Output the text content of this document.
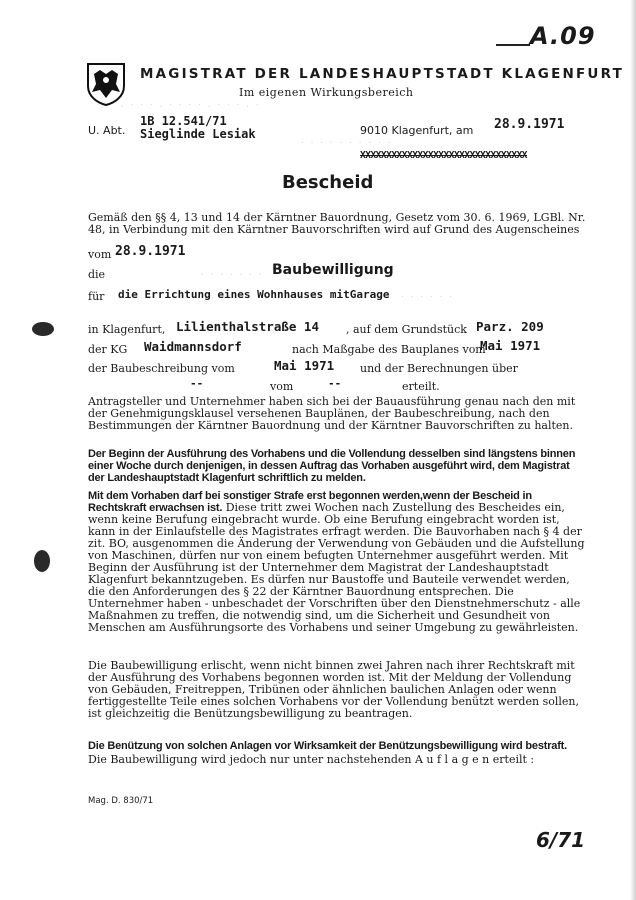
. · · · . · · · · . · · · . ·
· · · · · · · · · ·
· · · · · · ·
· · · · · ·
A.09
MAGISTRAT DER LANDESHAUPTSTADT KLAGENFURT
Im eigenen Wirkungsbereich
U. Abt.
1B 12.541/71
Sieglinde Lesiak	9010 Klagenfurt, am 28.9.1971
XXXXXXXXXXXXXXXXXXXXXXXXXXXXXXXX
Bescheid
Gemäß den §§ 4, 13 und 14 der Kärntner Bauordnung, Gesetz vom 30. 6. 1969, LGBl. Nr. 48, in Verbindung mit den Kärntner Bauvorschriften wird auf Grund des Augenscheines
vom 28.9.1971
die	Baubewilligung
für die Errichtung eines Wohnhauses mitGarage
in Klagenfurt, Lilienthalstraße 14 , auf dem Grundstück Parz. 209
der KG Waidmannsdorf	nach Maßgabe des Bauplanes vom
Mai 1971
der Baubeschreibung vom	Mai 1971 und der Berechnungen über
--	vom	--	erteilt.
Antragsteller und Unternehmer haben sich bei der Bauausführung genau nach den mit der Genehmigungsklausel versehenen Bauplänen, der Baubeschreibung, nach den Bestimmungen der Kärntner Bauordnung und der Kärntner Bauvorschriften zu halten.
Der Beginn der Ausführung des Vorhabens und die Vollendung desselben sind längstens binnen einer Woche durch denjenigen, in dessen Auftrag das Vorhaben ausgeführt wird, dem Magistrat der Landeshauptstadt Klagenfurt schriftlich zu melden.
Mit dem Vorhaben darf bei sonstiger Strafe erst begonnen werden,wenn der Bescheid in Rechtskraft erwachsen ist. Diese tritt zwei Wochen nach Zustellung des Bescheides ein, wenn keine Berufung eingebracht wurde. Ob eine Berufung eingebracht worden ist, kann in der Einlaufstelle des Magistrates erfragt werden. Die Bauvorhaben nach § 4 der zit. BO, ausgenommen die Änderung der Verwendung von Gebäuden und die Aufstellung von Maschinen, dürfen nur von einem befugten Unternehmer ausgeführt werden. Mit Beginn der Ausführung ist der Unternehmer dem Magistrat der Landeshauptstadt Klagenfurt bekanntzugeben. Es dürfen nur Baustoffe und Bauteile verwendet werden, die den Anforderungen des § 22 der Kärntner Bauordnung entsprechen. Die Unternehmer haben - unbeschadet der Vorschriften über den Dienstnehmerschutz - alle Maßnahmen zu treffen, die notwendig sind, um die Sicherheit und Gesundheit von Menschen am Ausführungsorte des Vorhabens und seiner Umgebung zu gewährleisten.
Die Baubewilligung erlischt, wenn nicht binnen zwei Jahren nach ihrer Rechtskraft mit der Ausführung des Vorhabens begonnen worden ist. Mit der Meldung der Vollendung von Gebäuden, Freitreppen, Tribünen oder ähnlichen baulichen Anlagen oder wenn fertiggestellte Teile eines solchen Vorhabens vor der Vollendung benützt werden sollen, ist gleichzeitig die Benützungsbewilligung zu beantragen.
Die Benützung von solchen Anlagen vor Wirksamkeit der Benützungsbewilligung wird bestraft.
Die Baubewilligung wird jedoch nur unter nachstehenden A u f l a g e n erteilt :
Mag. D. 830/71
6/71
